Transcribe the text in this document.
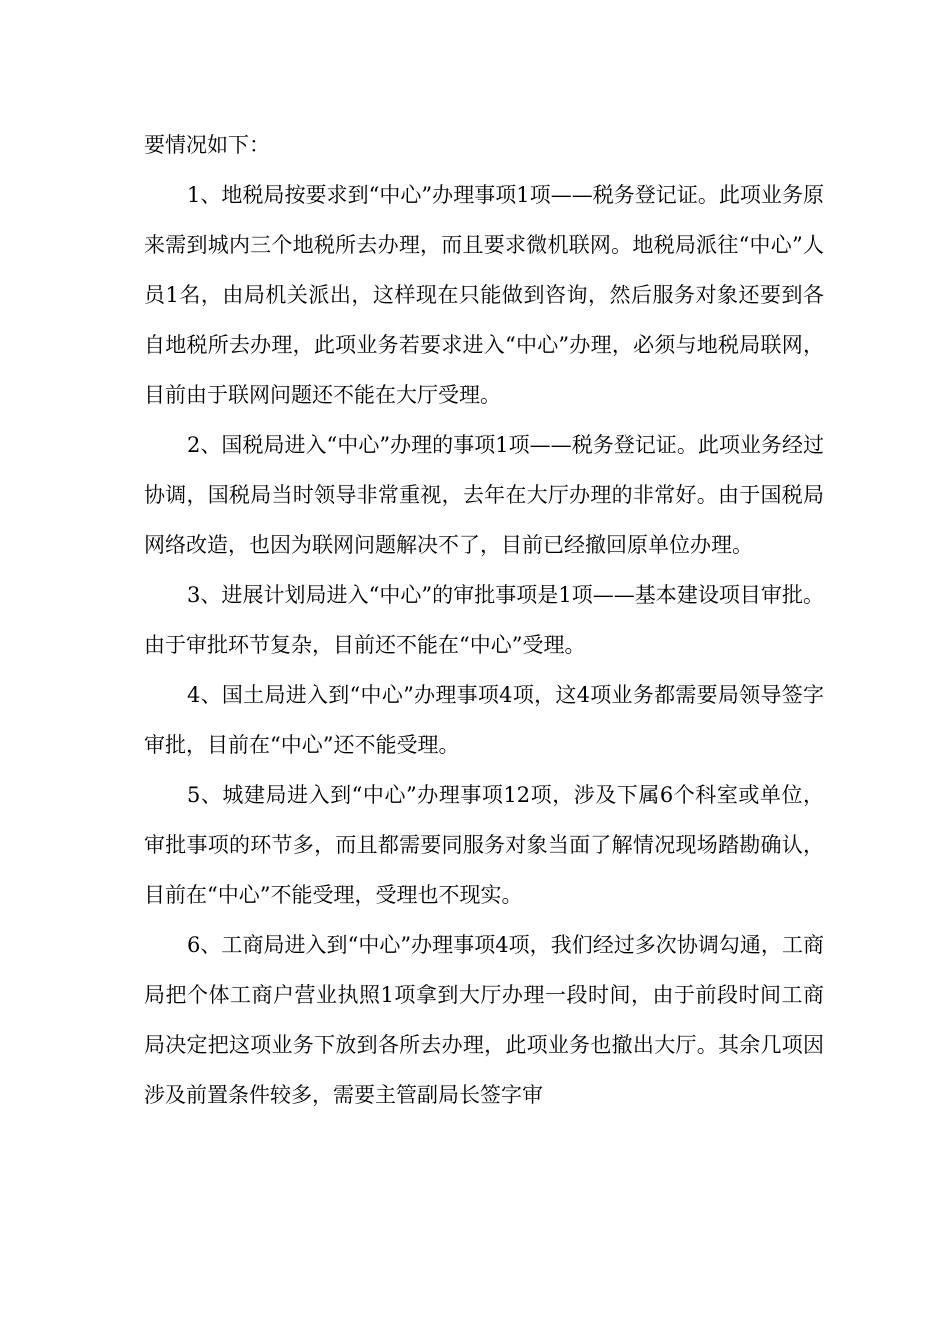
要情况如下：

1、地税局按要求到“中心”办理事项1项——税务登记证。此项业务原来需到城内三个地税所去办理，而且要求微机联网。地税局派往“中心”人员1名，由局机关派出，这样现在只能做到咨询，然后服务对象还要到各自地税所去办理，此项业务若要求进入“中心”办理，必须与地税局联网，目前由于联网问题还不能在大厅受理。

2、国税局进入“中心”办理的事项1项——税务登记证。此项业务经过协调，国税局当时领导非常重视，去年在大厅办理的非常好。由于国税局网络改造，也因为联网问题解决不了，目前已经撤回原单位办理。

3、进展计划局进入“中心”的审批事项是1项——基本建设项目审批。由于审批环节复杂，目前还不能在“中心”受理。

4、国土局进入到“中心”办理事项4项，这4项业务都需要局领导签字审批，目前在“中心”还不能受理。

5、城建局进入到“中心”办理事项12项，涉及下属6个科室或单位，审批事项的环节多，而且都需要同服务对象当面了解情况现场踏勘确认，目前在“中心”不能受理，受理也不现实。

6、工商局进入到“中心”办理事项4项，我们经过多次协调勾通，工商局把个体工商户营业执照1项拿到大厅办理一段时间，由于前段时间工商局决定把这项业务下放到各所去办理，此项业务也撤出大厅。其余几项因涉及前置条件较多，需要主管副局长签字审
